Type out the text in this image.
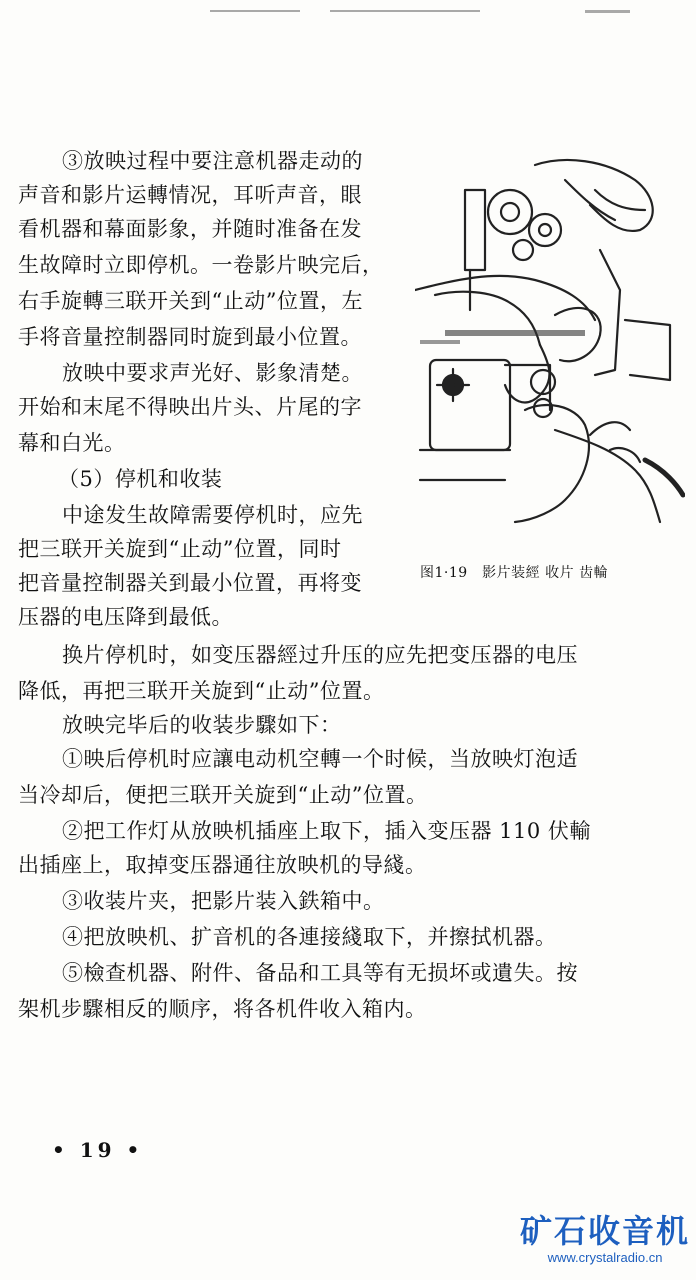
③放映过程中要注意机器走动的
声音和影片运轉情况，耳听声音，眼
看机器和幕面影象，并随时准备在发
生故障时立即停机。一卷影片映完后，
右手旋轉三联开关到“止动”位置，左
手将音量控制器同时旋到最小位置。
放映中要求声光好、影象清楚。
开始和末尾不得映出片头、片尾的字
幕和白光。
（5）停机和收装
中途发生故障需要停机时，应先
把三联开关旋到“止动”位置，同时
把音量控制器关到最小位置，再将变
压器的电压降到最低。
换片停机时，如变压器經过升压的应先把变压器的电压
降低，再把三联开关旋到“止动”位置。
放映完毕后的收装步驟如下：
①映后停机时应讓电动机空轉一个时候，当放映灯泡适
当冷却后，便把三联开关旋到“止动”位置。
②把工作灯从放映机插座上取下，插入变压器 110 伏輸
出插座上，取掉变压器通往放映机的导綫。
③收装片夹，把影片装入鉄箱中。
④把放映机、扩音机的各連接綫取下，并擦拭机器。
⑤檢查机器、附件、备品和工具等有无损坏或遺失。按
架机步驟相反的顺序，将各机件收入箱内。
图1·19　影片装經 收片 齿輪
• 19 •
矿石收音机
www.crystalradio.cn
